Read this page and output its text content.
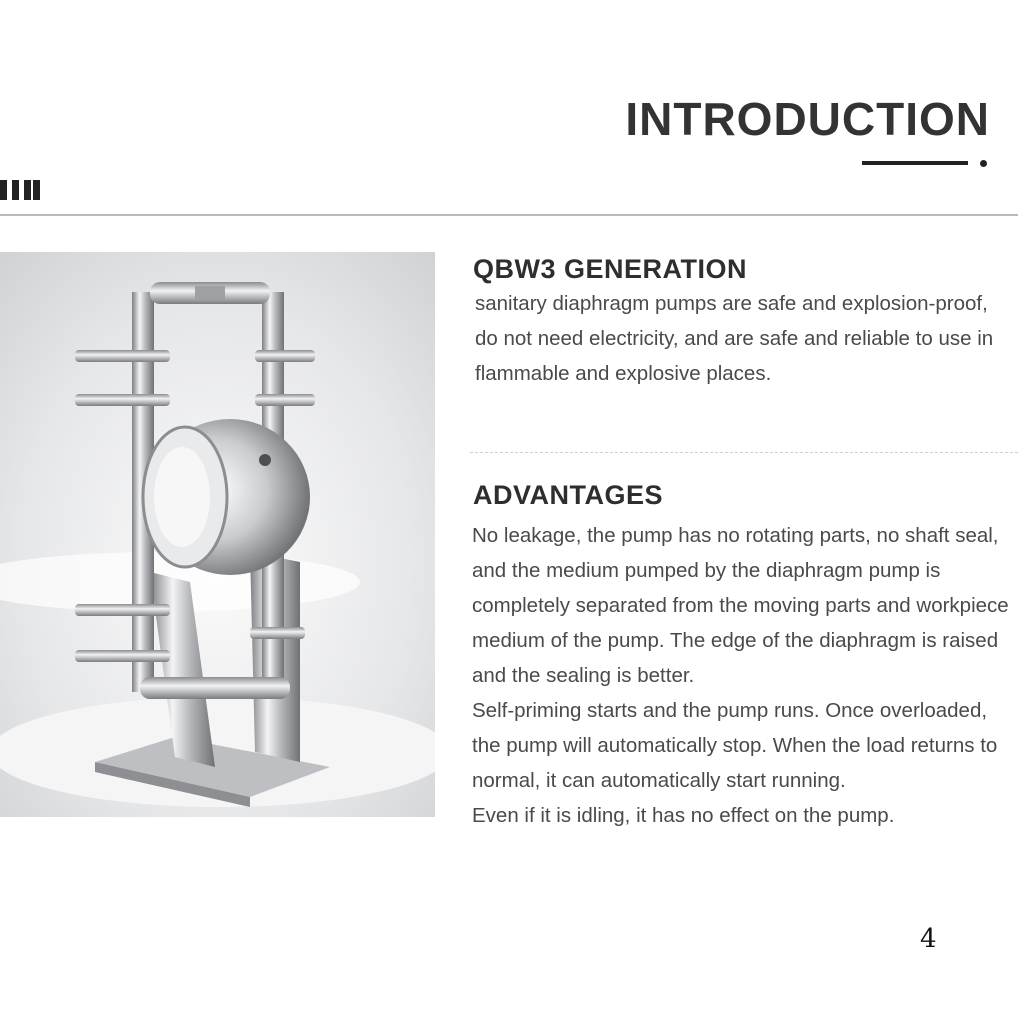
INTRODUCTION
QBW3 GENERATION

sanitary diaphragm pumps are safe and explosion-proof, do not need electricity, and are safe and reliable to use in flammable and explosive places.

ADVANTAGES

No leakage, the pump has no rotating parts, no shaft seal, and the medium pumped by the diaphragm pump is completely separated from the moving parts and workpiece medium of the pump. The edge of the diaphragm is raised and the sealing is better.
Self-priming starts and the pump runs. Once overloaded, the pump will automatically stop. When the load returns to normal, it can automatically start running.
Even if it is idling, it has no effect on the pump.

4
